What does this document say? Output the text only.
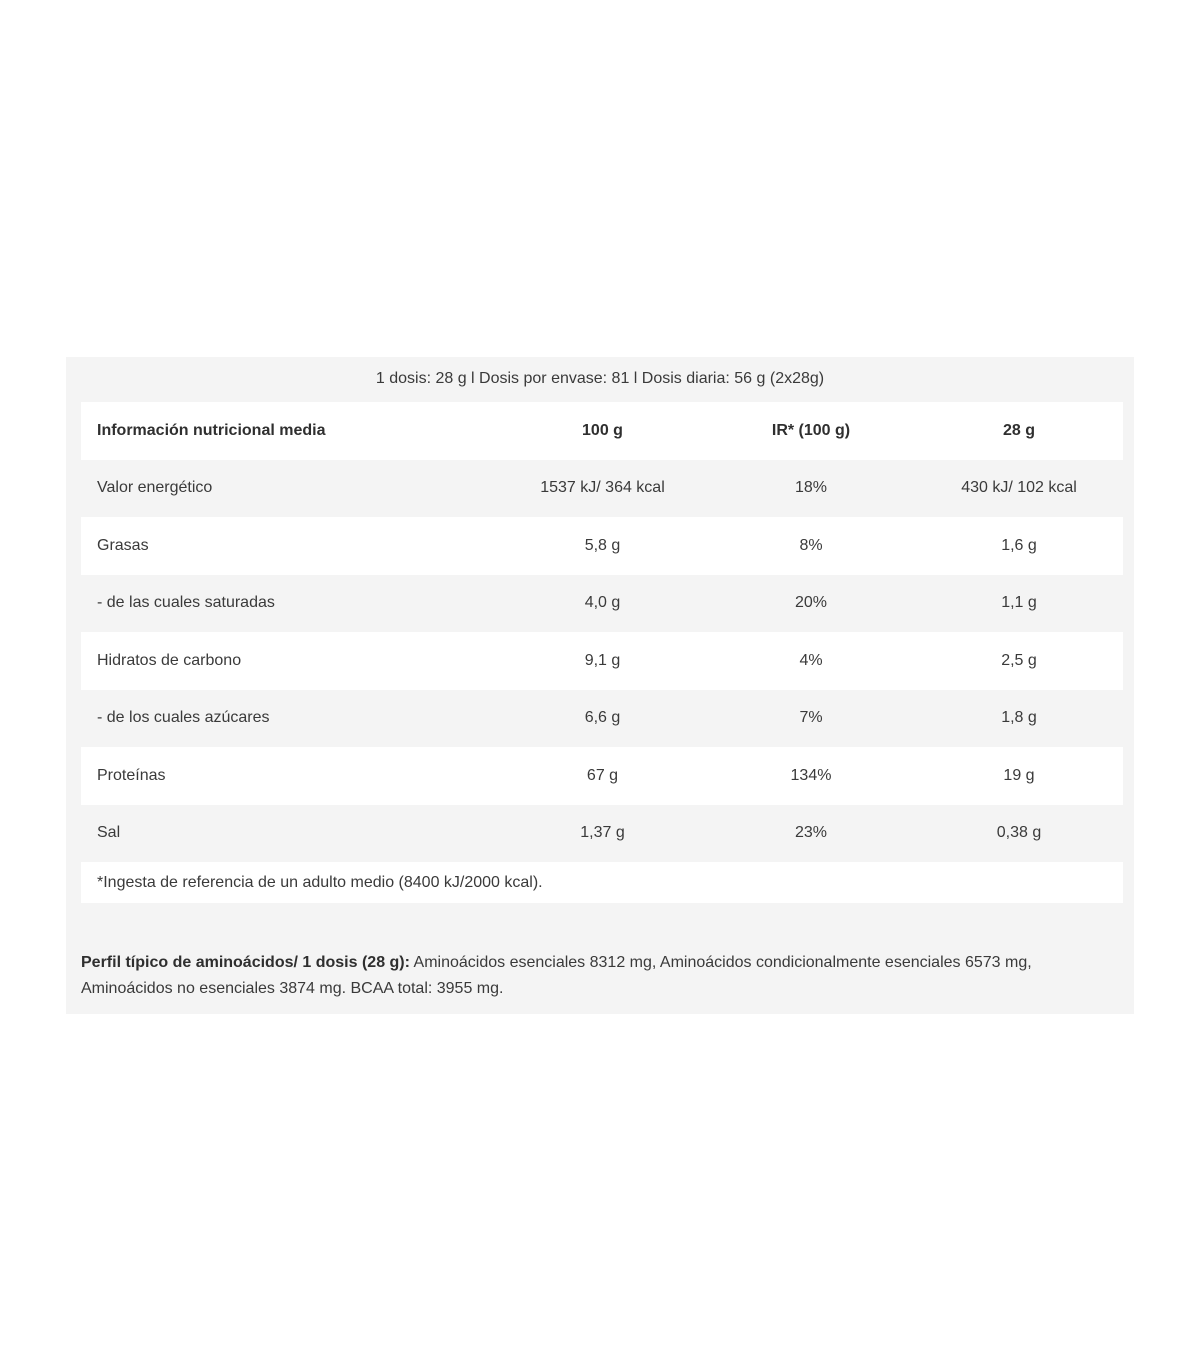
1 dosis: 28 g l Dosis por envase: 81 l Dosis diaria: 56 g (2x28g)
Información nutricional media	100 g	IR* (100 g)	28 g
Valor energético	1537 kJ/ 364 kcal	18%	430 kJ/ 102 kcal
Grasas	5,8 g	8%	1,6 g
- de las cuales saturadas	4,0 g	20%	1,1 g
Hidratos de carbono	9,1 g	4%	2,5 g
- de los cuales azúcares	6,6 g	7%	1,8 g
Proteínas	67 g	134%	19 g
Sal	1,37 g	23%	0,38 g
*Ingesta de referencia de un adulto medio (8400 kJ/2000 kcal).			

Perfil típico de aminoácidos/ 1 dosis (28 g): Aminoácidos esenciales 8312 mg, Aminoácidos condicionalmente esenciales 6573 mg, Aminoácidos no esenciales 3874 mg. BCAA total: 3955 mg.
